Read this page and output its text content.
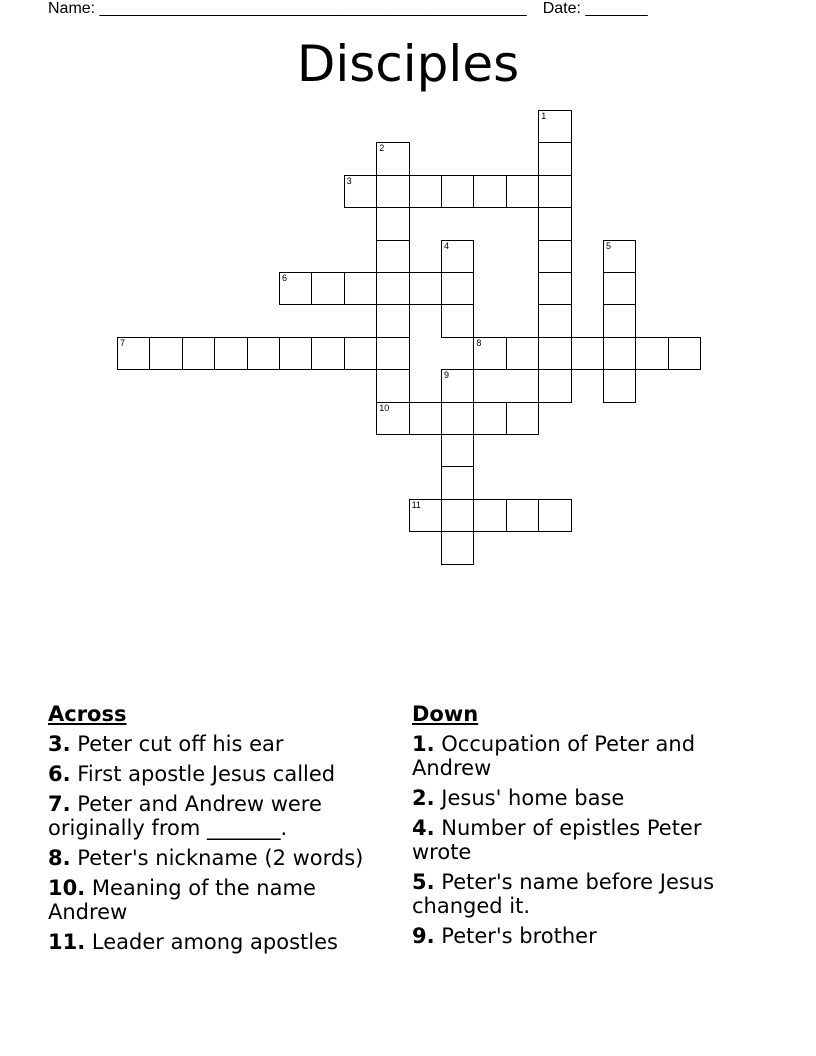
Name: ________________________________________________ Date: _______
Disciples
1
2
10
3
4	5
6
7	8
9
11
Across
3. Peter cut off his ear
6. First apostle Jesus called
7. Peter and Andrew were originally from _______.
8. Peter's nickname (2 words)
10. Meaning of the name Andrew
11. Leader among apostles
Down
1. Occupation of Peter and Andrew
2. Jesus' home base
4. Number of epistles Peter wrote
5. Peter's name before Jesus changed it.
9. Peter's brother
